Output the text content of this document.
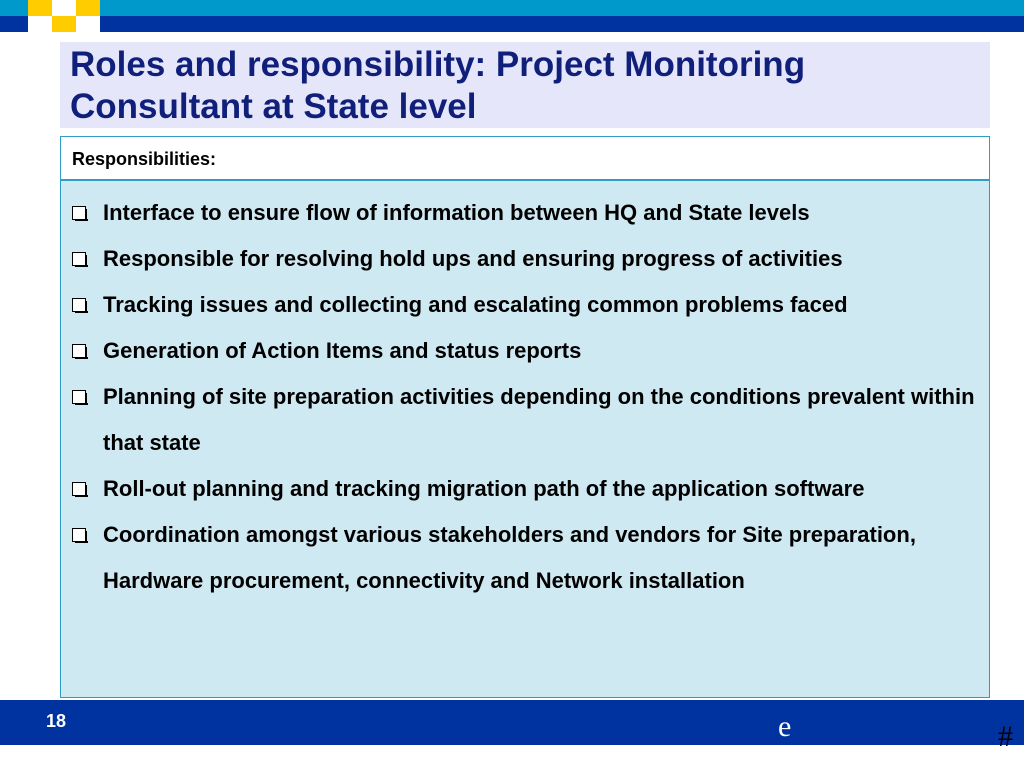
Roles and responsibility: Project Monitoring
Consultant at State level
Responsibilities:
Interface to ensure flow of information between HQ and State levels
Responsible for resolving hold ups and ensuring progress of activities
Tracking issues and collecting and escalating common problems faced
Generation of Action Items and status reports
Planning of site preparation activities depending on the conditions prevalent within that state
Roll-out planning and tracking migration path of the application software
Coordination amongst various stakeholders and vendors for Site preparation, Hardware procurement, connectivity and Network installation
18	e	#
